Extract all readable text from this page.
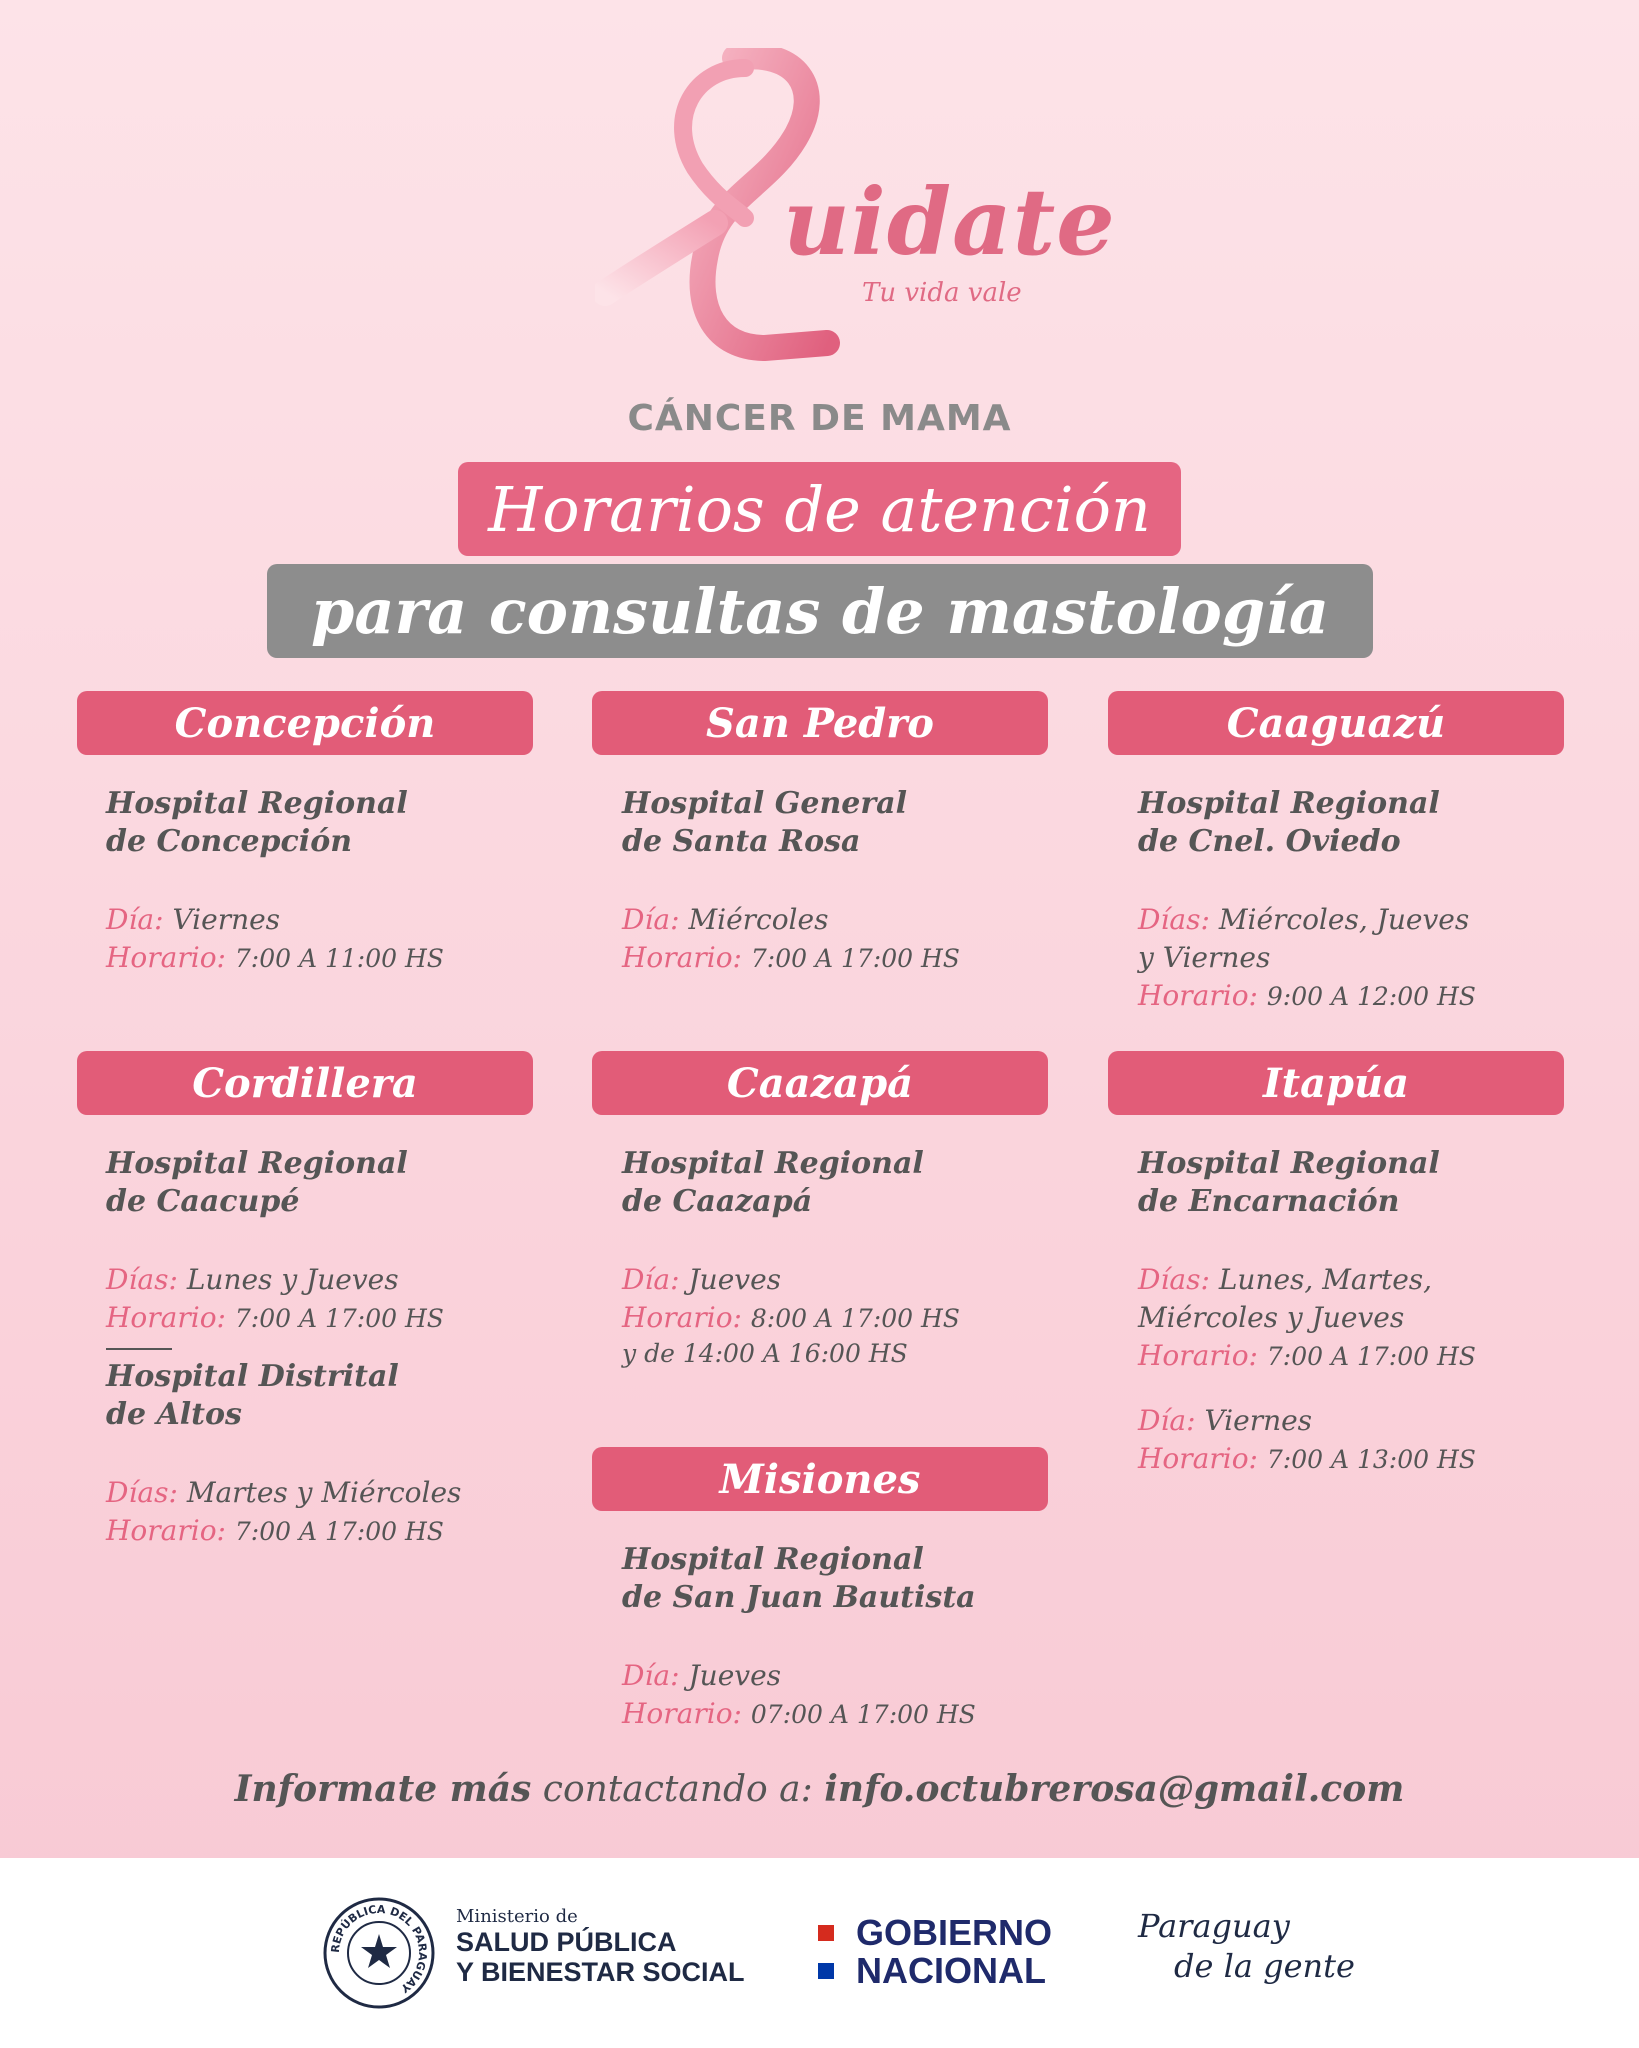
uidate
Tu vida vale
CÁNCER DE MAMA
Horarios de atención
para consultas de mastología
Concepción
Hospital Regional
de Concepción
Día: Viernes
Horario: 7:00 A 11:00 HS
San Pedro
Hospital General
de Santa Rosa
Día: Miércoles
Horario: 7:00 A 17:00 HS
Caaguazú
Hospital Regional
de Cnel. Oviedo
Días: Miércoles, Jueves
y Viernes
Horario: 9:00 A 12:00 HS
Cordillera
Hospital Regional
de Caacupé
Días: Lunes y Jueves
Horario: 7:00 A 17:00 HS
Hospital Distrital
de Altos
Días: Martes y Miércoles
Horario: 7:00 A 17:00 HS
Caazapá
Hospital Regional
de Caazapá
Día: Jueves
Horario: 8:00 A 17:00 HS
y de 14:00 A 16:00 HS
Itapúa
Hospital Regional
de Encarnación
Días: Lunes, Martes,
Miércoles y Jueves
Horario: 7:00 A 17:00 HS
Día: Viernes
Horario: 7:00 A 13:00 HS
Misiones
Hospital Regional
de San Juan Bautista
Día: Jueves
Horario: 07:00 A 17:00 HS
Informate más contactando a: info.octubrerosa@gmail.com
REPÚBLICA DEL PARAGUAY
Ministerio de
SALUD PÚBLICA
Y BIENESTAR SOCIAL
GOBIERNO
NACIONAL
Paraguay
de la gente
